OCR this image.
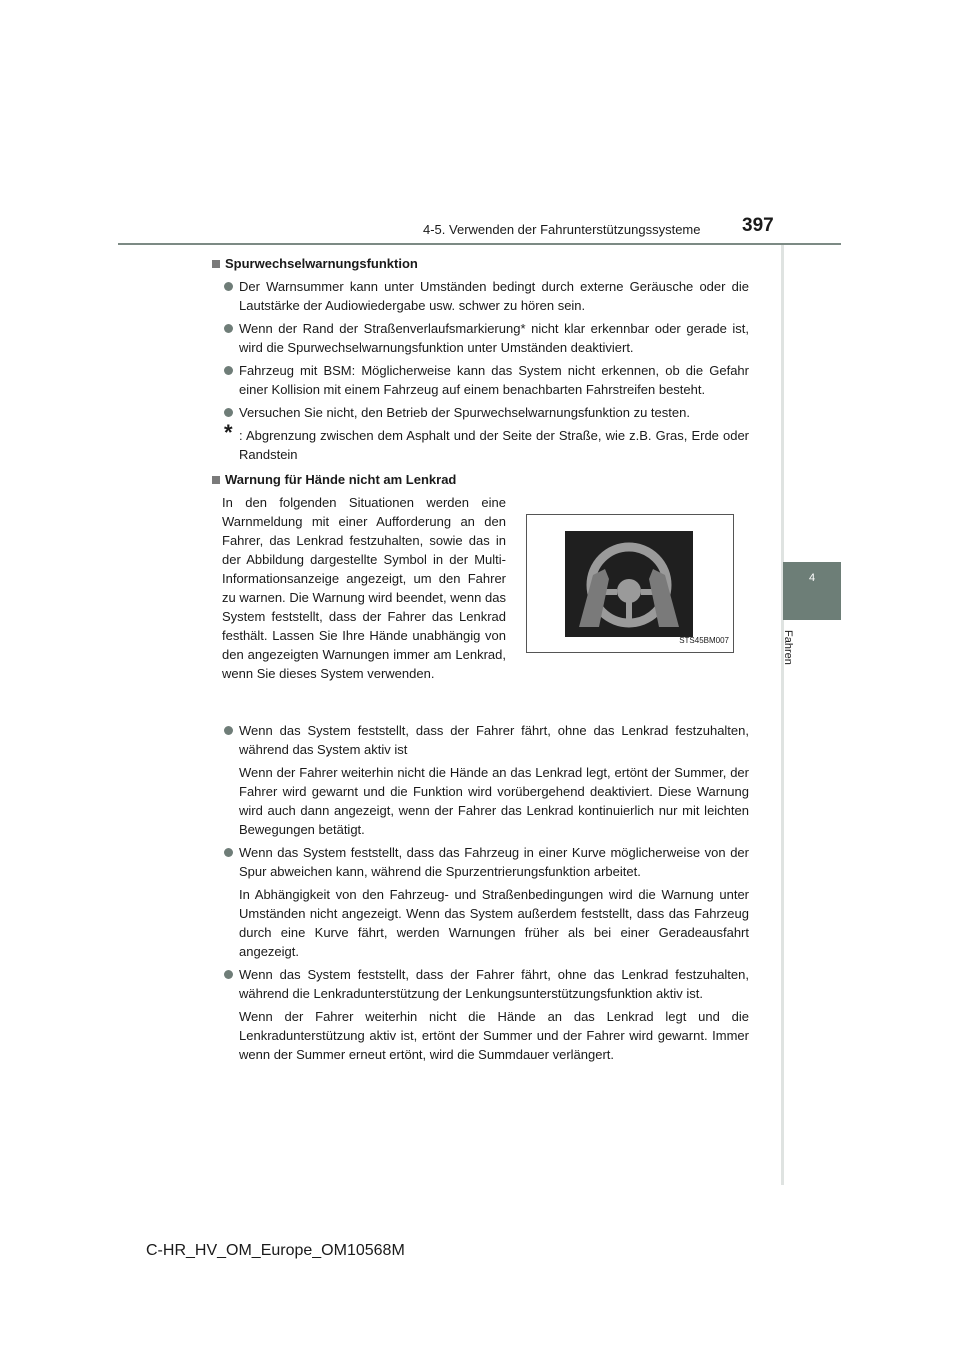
4-5. Verwenden der Fahrunterstützungssysteme 397
4
Fahren
Spurwechselwarnungsfunktion
Der Warnsummer kann unter Umständen bedingt durch externe Geräusche oder die Lautstärke der Audiowiedergabe usw. schwer zu hören sein.
Wenn der Rand der Straßenverlaufsmarkierung* nicht klar erkennbar oder gerade ist, wird die Spurwechselwarnungsfunktion unter Umständen deaktiviert.
Fahrzeug mit BSM: Möglicherweise kann das System nicht erkennen, ob die Gefahr einer Kollision mit einem Fahrzeug auf einem benachbarten Fahrstreifen besteht.
Versuchen Sie nicht, den Betrieb der Spurwechselwarnungsfunktion zu testen.
* : Abgrenzung zwischen dem Asphalt und der Seite der Straße, wie z.B. Gras, Erde oder Randstein
Warnung für Hände nicht am Lenkrad
In den folgenden Situationen werden eine Warnmeldung mit einer Aufforderung an den Fahrer, das Lenkrad festzuhalten, sowie das in der Abbildung dargestellte Symbol in der Multi-Informationsanzeige angezeigt, um den Fahrer zu warnen. Die Warnung wird beendet, wenn das System feststellt, dass der Fahrer das Lenkrad festhält. Lassen Sie Ihre Hände unabhängig von den angezeigten Warnungen immer am Lenkrad, wenn Sie dieses System verwenden.
STS45BM007
Wenn das System feststellt, dass der Fahrer fährt, ohne das Lenkrad festzuhalten, während das System aktiv ist
Wenn der Fahrer weiterhin nicht die Hände an das Lenkrad legt, ertönt der Summer, der Fahrer wird gewarnt und die Funktion wird vorübergehend deaktiviert. Diese Warnung wird auch dann angezeigt, wenn der Fahrer das Lenkrad kontinuierlich nur mit leichten Bewegungen betätigt.
Wenn das System feststellt, dass das Fahrzeug in einer Kurve möglicherweise von der Spur abweichen kann, während die Spurzentrierungsfunktion arbeitet.
In Abhängigkeit von den Fahrzeug- und Straßenbedingungen wird die Warnung unter Umständen nicht angezeigt. Wenn das System außerdem feststellt, dass das Fahrzeug durch eine Kurve fährt, werden Warnungen früher als bei einer Geradeausfahrt angezeigt.
Wenn das System feststellt, dass der Fahrer fährt, ohne das Lenkrad festzuhalten, während die Lenkradunterstützung der Lenkungsunterstützungsfunktion aktiv ist.
Wenn der Fahrer weiterhin nicht die Hände an das Lenkrad legt und die Lenkradunterstützung aktiv ist, ertönt der Summer und der Fahrer wird gewarnt. Immer wenn der Summer erneut ertönt, wird die Summdauer verlängert.
C-HR_HV_OM_Europe_OM10568M
